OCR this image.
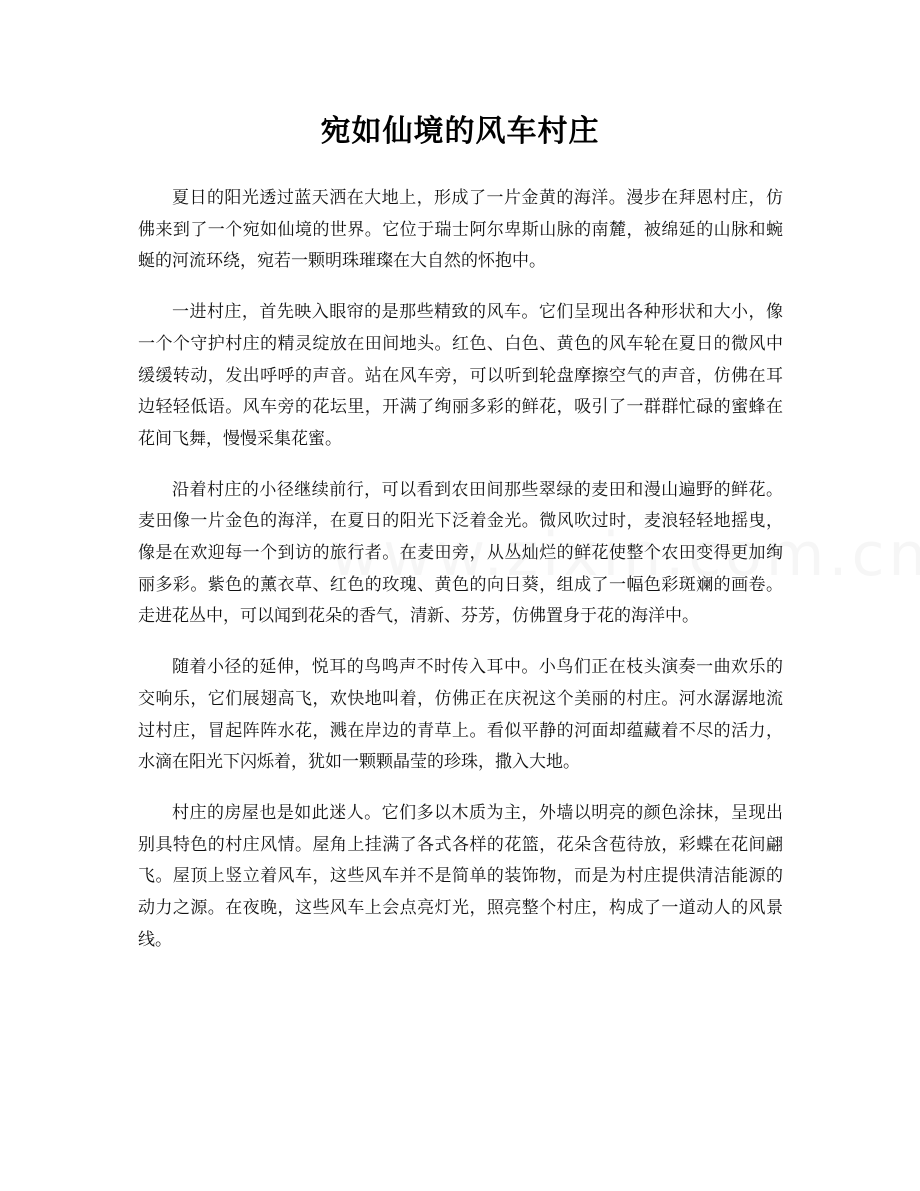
宛如仙境的风车村庄

夏日的阳光透过蓝天洒在大地上，形成了一片金黄的海洋。漫步在拜恩村庄，仿佛来到了一个宛如仙境的世界。它位于瑞士阿尔卑斯山脉的南麓，被绵延的山脉和蜿蜒的河流环绕，宛若一颗明珠璀璨在大自然的怀抱中。

一进村庄，首先映入眼帘的是那些精致的风车。它们呈现出各种形状和大小，像一个个守护村庄的精灵绽放在田间地头。红色、白色、黄色的风车轮在夏日的微风中缓缓转动，发出呼呼的声音。站在风车旁，可以听到轮盘摩擦空气的声音，仿佛在耳边轻轻低语。风车旁的花坛里，开满了绚丽多彩的鲜花，吸引了一群群忙碌的蜜蜂在花间飞舞，慢慢采集花蜜。

沿着村庄的小径继续前行，可以看到农田间那些翠绿的麦田和漫山遍野的鲜花。麦田像一片金色的海洋，在夏日的阳光下泛着金光。微风吹过时，麦浪轻轻地摇曳，像是在欢迎每一个到访的旅行者。在麦田旁，从丛灿烂的鲜花使整个农田变得更加绚丽多彩。紫色的薰衣草、红色的玫瑰、黄色的向日葵，组成了一幅色彩斑斓的画卷。走进花丛中，可以闻到花朵的香气，清新、芬芳，仿佛置身于花的海洋中。

随着小径的延伸，悦耳的鸟鸣声不时传入耳中。小鸟们正在枝头演奏一曲欢乐的交响乐，它们展翅高飞，欢快地叫着，仿佛正在庆祝这个美丽的村庄。河水潺潺地流过村庄，冒起阵阵水花，溅在岸边的青草上。看似平静的河面却蕴藏着不尽的活力，水滴在阳光下闪烁着，犹如一颗颗晶莹的珍珠，撒入大地。

村庄的房屋也是如此迷人。它们多以木质为主，外墙以明亮的颜色涂抹，呈现出别具特色的村庄风情。屋角上挂满了各式各样的花篮，花朵含苞待放，彩蝶在花间翩飞。屋顶上竖立着风车，这些风车并不是简单的装饰物，而是为村庄提供清洁能源的动力之源。在夜晚，这些风车上会点亮灯光，照亮整个村庄，构成了一道动人的风景线。
